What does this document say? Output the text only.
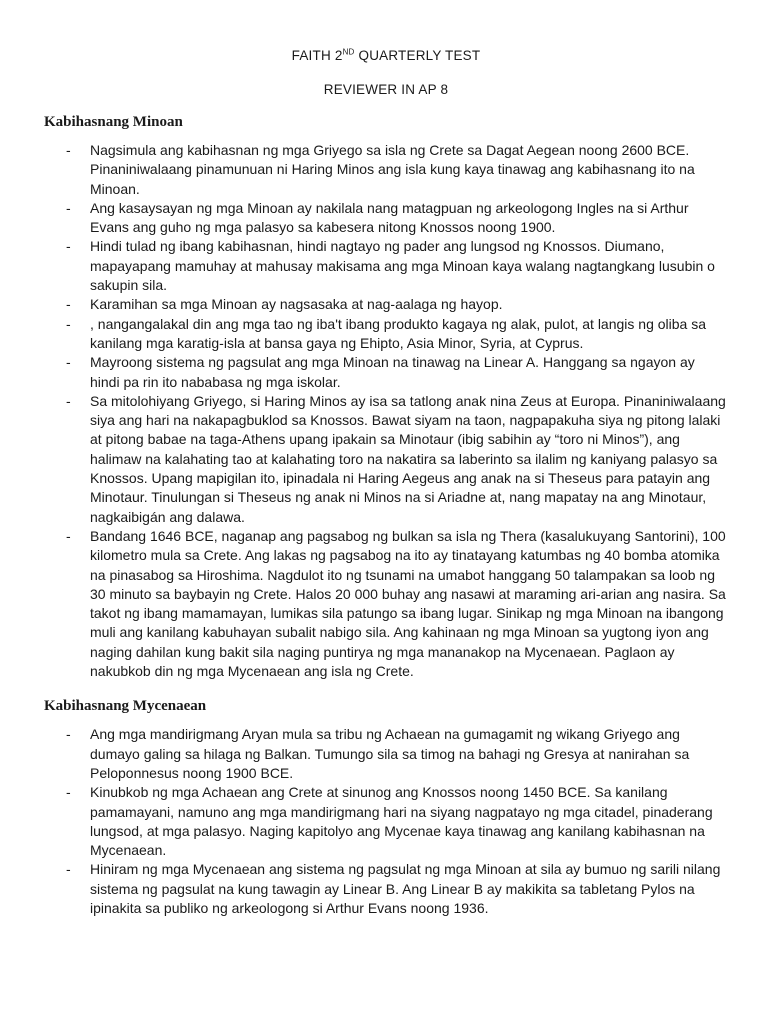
FAITH 2ND QUARTERLY TEST

REVIEWER IN AP 8

Kabihasnang Minoan
- Nagsimula ang kabihasnan ng mga Griyego sa isla ng Crete sa Dagat Aegean noong 2600 BCE. Pinaniniwalaang pinamunuan ni Haring Minos ang isla kung kaya tinawag ang kabihasnang ito na Minoan.
- Ang kasaysayan ng mga Minoan ay nakilala nang matagpuan ng arkeologong Ingles na si Arthur Evans ang guho ng mga palasyo sa kabesera nitong Knossos noong 1900.
- Hindi tulad ng ibang kabihasnan, hindi nagtayo ng pader ang lungsod ng Knossos. Diumano, mapayapang mamuhay at mahusay makisama ang mga Minoan kaya walang nagtangkang lusubin o sakupin sila.
- Karamihan sa mga Minoan ay nagsasaka at nag-aalaga ng hayop.
- , nangangalakal din ang mga tao ng iba't ibang produkto kagaya ng alak, pulot, at langis ng oliba sa kanilang mga karatig-isla at bansa gaya ng Ehipto, Asia Minor, Syria, at Cyprus.
- Mayroong sistema ng pagsulat ang mga Minoan na tinawag na Linear A. Hanggang sa ngayon ay hindi pa rin ito nababasa ng mga iskolar.
- Sa mitolohiyang Griyego, si Haring Minos ay isa sa tatlong anak nina Zeus at Europa. Pinaniniwalaang siya ang hari na nakapagbuklod sa Knossos. Bawat siyam na taon, nagpapakuha siya ng pitong lalaki at pitong babae na taga-Athens upang ipakain sa Minotaur (ibig sabihin ay “toro ni Minos”), ang halimaw na kalahating tao at kalahating toro na nakatira sa laberinto sa ilalim ng kaniyang palasyo sa Knossos. Upang mapigilan ito, ipinadala ni Haring Aegeus ang anak na si Theseus para patayin ang Minotaur. Tinulungan si Theseus ng anak ni Minos na si Ariadne at, nang mapatay na ang Minotaur, nagkaibigán ang dalawa.
- Bandang 1646 BCE, naganap ang pagsabog ng bulkan sa isla ng Thera (kasalukuyang Santorini), 100 kilometro mula sa Crete. Ang lakas ng pagsabog na ito ay tinatayang katumbas ng 40 bomba atomika na pinasabog sa Hiroshima. Nagdulot ito ng tsunami na umabot hanggang 50 talampakan sa loob ng 30 minuto sa baybayin ng Crete. Halos 20 000 buhay ang nasawi at maraming ari-arian ang nasira. Sa takot ng ibang mamamayan, lumikas sila patungo sa ibang lugar. Sinikap ng mga Minoan na ibangong muli ang kanilang kabuhayan subalit nabigo sila. Ang kahinaan ng mga Minoan sa yugtong iyon ang naging dahilan kung bakit sila naging puntirya ng mga mananakop na Mycenaean. Paglaon ay nakubkob din ng mga Mycenaean ang isla ng Crete.
Kabihasnang Mycenaean
- Ang mga mandirigmang Aryan mula sa tribu ng Achaean na gumagamit ng wikang Griyego ang dumayo galing sa hilaga ng Balkan. Tumungo sila sa timog na bahagi ng Gresya at nanirahan sa Peloponnesus noong 1900 BCE.
- Kinubkob ng mga Achaean ang Crete at sinunog ang Knossos noong 1450 BCE. Sa kanilang pamamayani, namuno ang mga mandirigmang hari na siyang nagpatayo ng mga citadel, pinaderang lungsod, at mga palasyo. Naging kapitolyo ang Mycenae kaya tinawag ang kanilang kabihasnan na Mycenaean.
- Hiniram ng mga Mycenaean ang sistema ng pagsulat ng mga Minoan at sila ay bumuo ng sarili nilang sistema ng pagsulat na kung tawagin ay Linear B. Ang Linear B ay makikita sa tabletang Pylos na ipinakita sa publiko ng arkeologong si Arthur Evans noong 1936.
